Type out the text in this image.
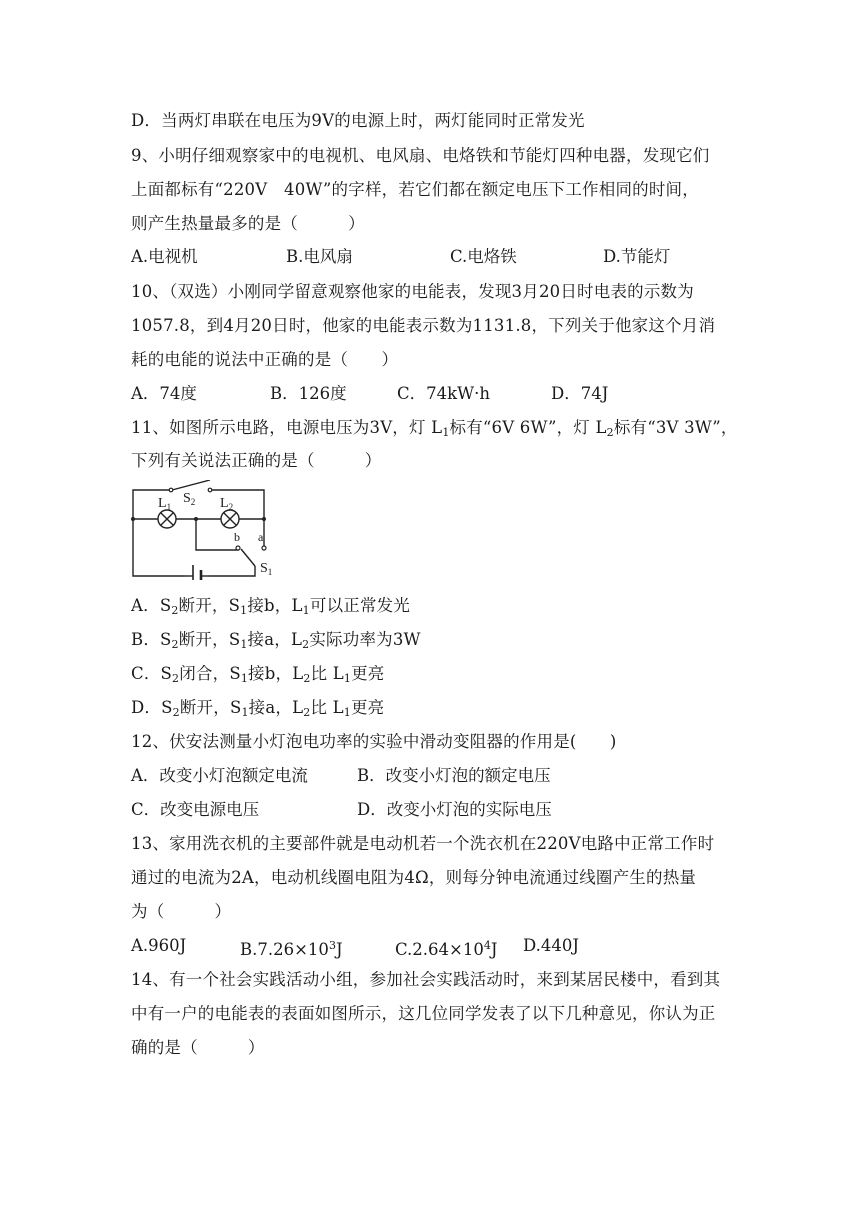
D．当两灯串联在电压为9V的电源上时，两灯能同时正常发光
9、小明仔细观察家中的电视机、电风扇、电烙铁和节能灯四种电器，发现它们
上面都标有“220V　40W”的字样，若它们都在额定电压下工作相同的时间，
则产生热量最多的是（　　　）
A.电视机	B.电风扇	C.电烙铁	D.节能灯
10、（双选）小刚同学留意观察他家的电能表，发现3月20日时电表的示数为
1057.8，到4月20日时，他家的电能表示数为1131.8，下列关于他家这个月消
耗的电能的说法中正确的是（　　）
A．74度	B．126度	C．74kW·h	D．74J
11、如图所示电路，电源电压为3V，灯 $L_1$标有“6V 6W”，灯 $L_2$标有“3V 3W”，
下列有关说法正确的是（　　　）
$L_1$	$L_2$
$S_2$
b a
$S_1$
A．$S_2$断开，$S_1$接b，$L_1$可以正常发光
B．$S_2$断开，$S_1$接a，$L_2$实际功率为3W
C．$S_2$闭合，$S_1$接b，$L_2$比 $L_1$更亮
D．$S_2$断开，$S_1$接a，$L_2$比 $L_1$更亮
12、伏安法测量小灯泡电功率的实验中滑动变阻器的作用是(　　)
A．改变小灯泡额定电流	B．改变小灯泡的额定电压
C．改变电源电压	D．改变小灯泡的实际电压
13、家用洗衣机的主要部件就是电动机若一个洗衣机在220V电路中正常工作时
通过的电流为2A，电动机线圈电阻为4Ω，则每分钟电流通过线圈产生的热量
为（　　　）
A.960J	$B.7.26\times 10^3J$	$C.2.64\times 10^4J$ D.440J
14、有一个社会实践活动小组，参加社会实践活动时，来到某居民楼中，看到其
中有一户的电能表的表面如图所示，这几位同学发表了以下几种意见，你认为正
确的是（　　　）
